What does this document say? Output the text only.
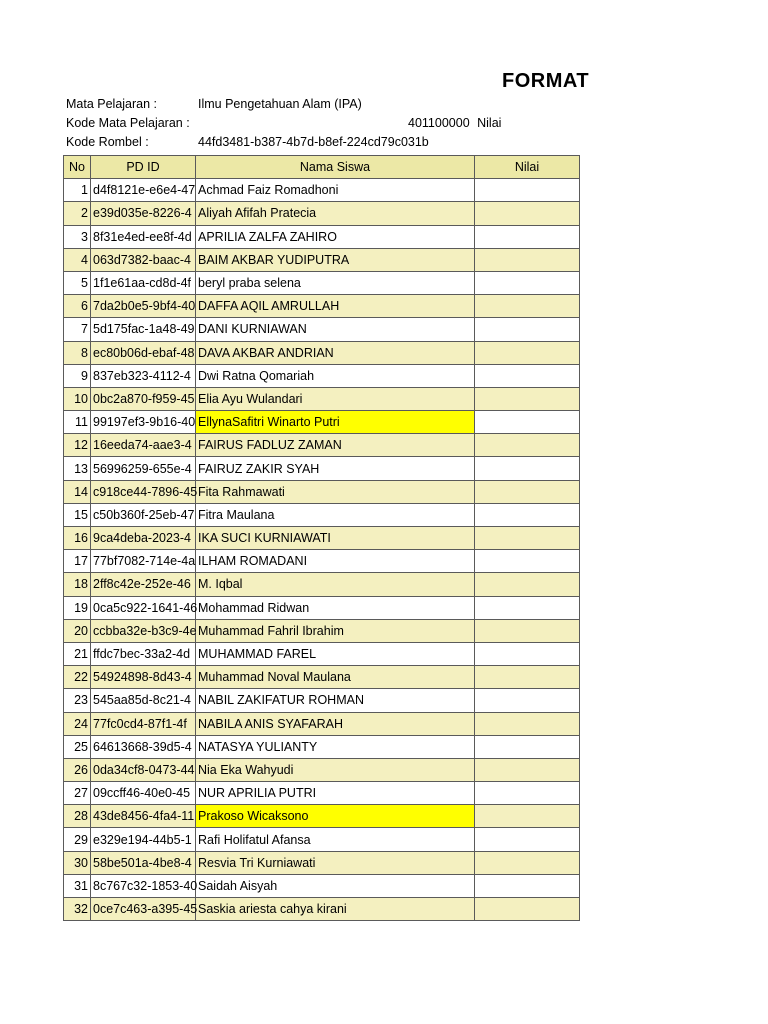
FORMAT
Mata Pelajaran :	Ilmu Pengetahuan Alam (IPA)
Kode Mata Pelajaran :	401100000 Nilai
Kode Rombel :	44fd3481-b387-4b7d-b8ef-224cd79c031b
No	PD ID	Nama Siswa	Nilai
1	d4f8121e-e6e4-47	Achmad Faiz Romadhoni	
2	e39d035e-8226-4	Aliyah Afifah Pratecia	
3	8f31e4ed-ee8f-4d	APRILIA ZALFA ZAHIRO	
4	063d7382-baac-4	BAIM AKBAR YUDIPUTRA	
5	1f1e61aa-cd8d-4f	beryl praba selena	
6	7da2b0e5-9bf4-40	DAFFA AQIL AMRULLAH	
7	5d175fac-1a48-49	DANI KURNIAWAN	
8	ec80b06d-ebaf-48	DAVA AKBAR ANDRIAN	
9	837eb323-4112-4	Dwi Ratna Qomariah	
10	0bc2a870-f959-45	Elia Ayu Wulandari	
11	99197ef3-9b16-40	EllynaSafitri Winarto Putri	
12	16eeda74-aae3-4	FAIRUS FADLUZ ZAMAN	
13	56996259-655e-4	FAIRUZ ZAKIR SYAH	
14	c918ce44-7896-45	Fita Rahmawati	
15	c50b360f-25eb-47	Fitra Maulana	
16	9ca4deba-2023-4	IKA SUCI KURNIAWATI	
17	77bf7082-714e-4a	ILHAM ROMADANI	
18	2ff8c42e-252e-46	M. Iqbal	
19	0ca5c922-1641-46	Mohammad Ridwan	
20	ccbba32e-b3c9-4e	Muhammad Fahril Ibrahim	
21	ffdc7bec-33a2-4d	MUHAMMAD FAREL	
22	54924898-8d43-4	Muhammad Noval Maulana	
23	545aa85d-8c21-4	NABIL ZAKIFATUR ROHMAN	
24	77fc0cd4-87f1-4f	NABILA ANIS SYAFARAH	
25	64613668-39d5-4	NATASYA YULIANTY	
26	0da34cf8-0473-44	Nia Eka Wahyudi	
27	09ccff46-40e0-45	NUR APRILIA PUTRI	
28	43de8456-4fa4-11	Prakoso Wicaksono	
29	e329e194-44b5-1	Rafi Holifatul Afansa	
30	58be501a-4be8-4	Resvia Tri Kurniawati	
31	8c767c32-1853-40	Saidah Aisyah	
32	0ce7c463-a395-45	Saskia ariesta cahya kirani	
